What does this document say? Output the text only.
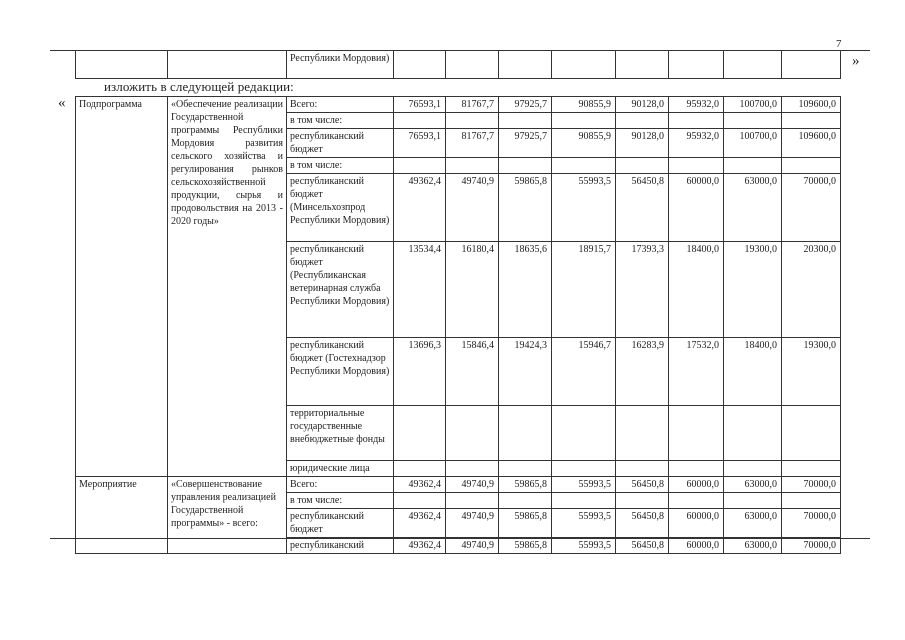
7
		Республики Мордовия)									»
изложить в следующей редакции:
« Подпрограмма	«Обеспечение реализации Государственной программы Республики Мордовия развития сельского хозяйства и регулирования рынков сельскохозяйственной продукции, сырья и продовольствия на 2013 - 2020 годы»	Всего:	76593,1	81767,7	97925,7	90855,9	90128,0	95932,0	100700,0	109600,0
		в том числе:								
		республиканский бюджет	76593,1	81767,7	97925,7	90855,9	90128,0	95932,0	100700,0	109600,0
		в том числе:								
		республиканский бюджет (Минсельхозпрод Республики Мордовия)	49362,4	49740,9	59865,8	55993,5	56450,8	60000,0	63000,0	70000,0
		республиканский бюджет (Республиканская ветеринарная служба Республики Мордовия)	13534,4	16180,4	18635,6	18915,7	17393,3	18400,0	19300,0	20300,0
		республиканский бюджет (Гостехнадзор Республики Мордовия)	13696,3	15846,4	19424,3	15946,7	16283,9	17532,0	18400,0	19300,0
		территориальные государственные внебюджетные фонды								
		юридические лица								
Мероприятие	«Совершенствование управления реализацией Государственной программы» - всего:	Всего:	49362,4	49740,9	59865,8	55993,5	56450,8	60000,0	63000,0	70000,0
		в том числе:								
		республиканский бюджет	49362,4	49740,9	59865,8	55993,5	56450,8	60000,0	63000,0	70000,0
		республиканский	49362,4	49740,9	59865,8	55993,5	56450,8	60000,0	63000,0	70000,0
